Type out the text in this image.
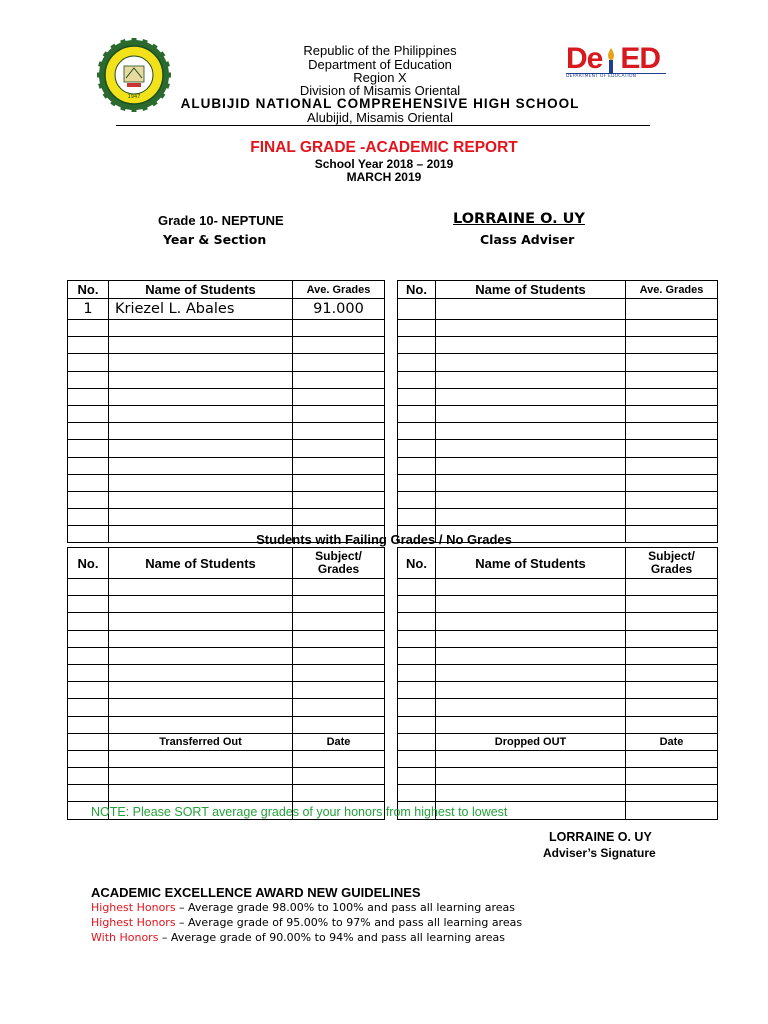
1947
Republic of the Philippines
Department of Education
Region X
Division of Misamis Oriental
ALUBIJID NATIONAL COMPREHENSIVE HIGH SCHOOL
Alubijid, Misamis Oriental
De ED
DEPARTMENT OF EDUCATION
FINAL GRADE -ACADEMIC REPORT
School Year 2018 – 2019
MARCH 2019
Grade 10- NEPTUNE
Year & Section
LORRAINE O. UY
Class Adviser
No.	Name of Students	Ave. Grades
1	Kriezel L. Abales	91.000

No.	Name of Students	Ave. Grades

Students with Failing Grades / No Grades
No.	Name of Students	Subject/ Grades

	Transferred Out	Date

No.	Name of Students	Subject/ Grades

	Dropped OUT	Date

NOTE: Please SORT average grades of your honors from highest to lowest
LORRAINE O. UY
Adviser’s Signature
ACADEMIC EXCELLENCE AWARD NEW GUIDELINES
Highest Honors – Average grade 98.00% to 100% and pass all learning areas
Highest Honors – Average grade of 95.00% to 97% and pass all learning areas
With Honors – Average grade of 90.00% to 94% and pass all learning areas
